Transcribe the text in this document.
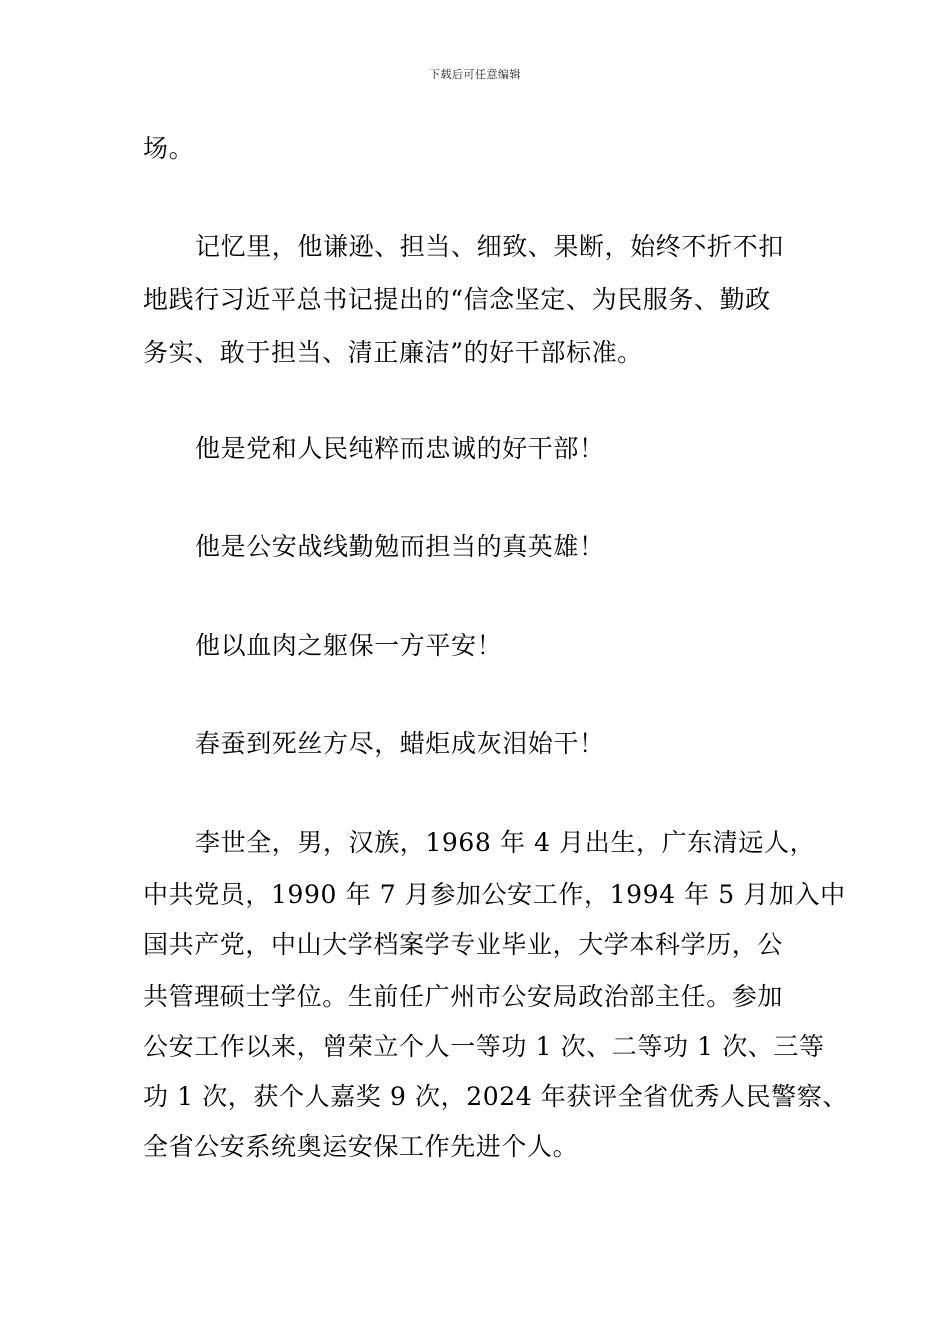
下载后可任意编辑
场。
记忆里，他谦逊、担当、细致、果断，始终不折不扣
地践行习近平总书记提出的“信念坚定、为民服务、勤政
务实、敢于担当、清正廉洁”的好干部标准。
他是党和人民纯粹而忠诚的好干部！
他是公安战线勤勉而担当的真英雄！
他以血肉之躯保一方平安！
春蚕到死丝方尽，蜡炬成灰泪始干！
李世全，男，汉族，1968 年 4 月出生，广东清远人，
中共党员，1990 年 7 月参加公安工作，1994 年 5 月加入中
国共产党，中山大学档案学专业毕业，大学本科学历，公
共管理硕士学位。生前任广州市公安局政治部主任。参加
公安工作以来，曾荣立个人一等功 1 次、二等功 1 次、三等
功 1 次，获个人嘉奖 9 次，2024 年获评全省优秀人民警察、
全省公安系统奥运安保工作先进个人。
